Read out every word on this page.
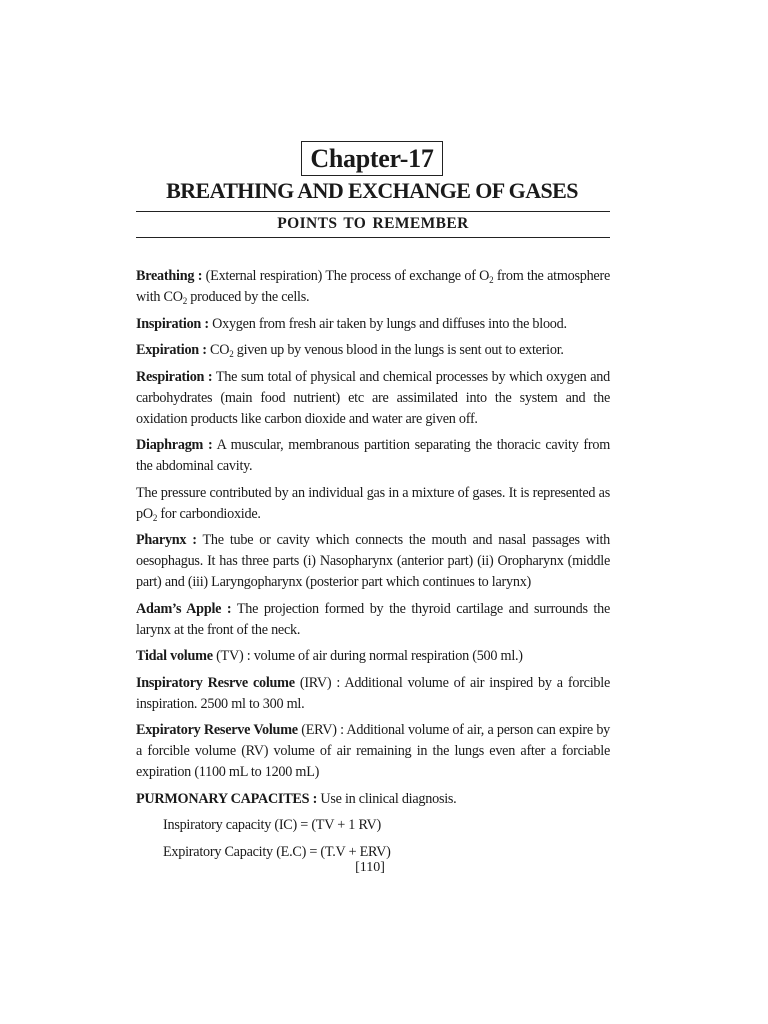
Chapter-17
BREATHING AND EXCHANGE OF GASES
POINTS TO REMEMBER

Breathing : (External respiration) The process of exchange of $O_2$ from the atmosphere with $CO_2$ produced by the cells.

Inspiration : Oxygen from fresh air taken by lungs and diffuses into the blood.

Expiration : $CO_2$ given up by venous blood in the lungs is sent out to exterior.

Respiration : The sum total of physical and chemical processes by which oxygen and carbohydrates (main food nutrient) etc are assimilated into the system and the oxidation products like carbon dioxide and water are given off.

Diaphragm : A muscular, membranous partition separating the thoracic cavity from the abdominal cavity.

The pressure contributed by an individual gas in a mixture of gases. It is represented as $pO_2$ for carbondioxide.

Pharynx : The tube or cavity which connects the mouth and nasal passages with oesophagus. It has three parts (i) Nasopharynx (anterior part) (ii) Oropharynx (middle part) and (iii) Laryngopharynx (posterior part which continues to larynx)

Adam’s Apple : The projection formed by the thyroid cartilage and surrounds the larynx at the front of the neck.

Tidal volume (TV) : volume of air during normal respiration (500 ml.)

Inspiratory Resrve colume (IRV) : Additional volume of air inspired by a forcible inspiration. 2500 ml to 300 ml.

Expiratory Reserve Volume (ERV) : Additional volume of air, a person can expire by a forcible volume (RV) volume of air remaining in the lungs even after a forciable expiration (1100 mL to 1200 mL)

PURMONARY CAPACITES : Use in clinical diagnosis.

Inspiratory capacity (IC) = (TV + 1 RV)

Expiratory Capacity (E.C) = (T.V + ERV)

[110]
